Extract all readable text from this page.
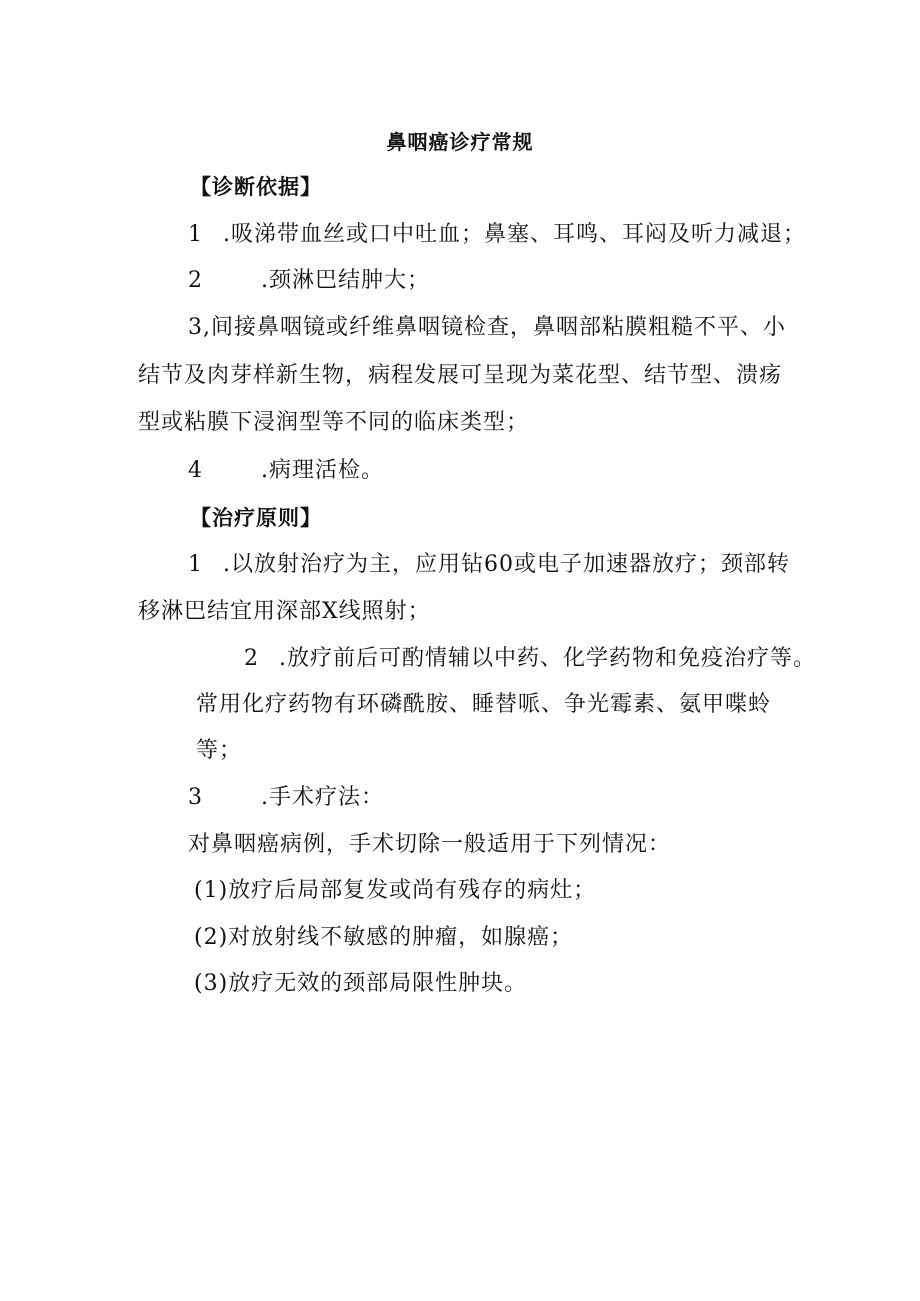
鼻咽癌诊疗常规
【诊断依据】
1 .吸涕带血丝或口中吐血；鼻塞、耳鸣、耳闷及听力减退；
2	.颈淋巴结肿大；
3,间接鼻咽镜或纤维鼻咽镜检查，鼻咽部粘膜粗糙不平、小
结节及肉芽样新生物，病程发展可呈现为菜花型、结节型、溃疡
型或粘膜下浸润型等不同的临床类型；
4	.病理活检。
【治疗原则】
1 .以放射治疗为主，应用钻60或电子加速器放疗；颈部转
移淋巴结宜用深部X线照射；
2 .放疗前后可酌情辅以中药、化学药物和免疫治疗等。
常用化疗药物有环磷酰胺、睡替哌、争光霉素、氨甲喋蛉
等；
3	.手术疗法：
对鼻咽癌病例，手术切除一般适用于下列情况：
(1)放疗后局部复发或尚有残存的病灶；
(2)对放射线不敏感的肿瘤，如腺癌；
(3)放疗无效的颈部局限性肿块。
